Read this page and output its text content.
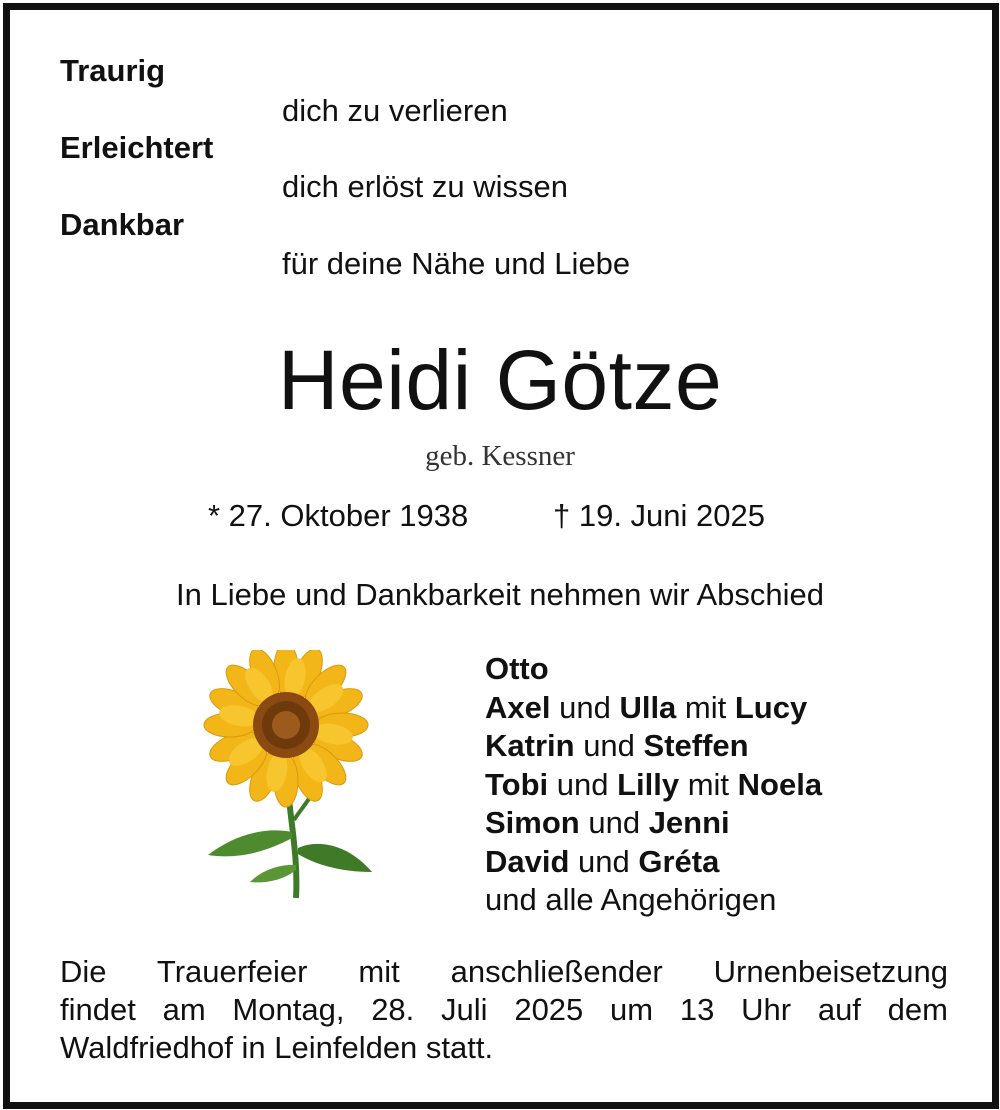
Traurig
dich zu verlieren
Erleichtert
dich erlöst zu wissen
Dankbar
für deine Nähe und Liebe
Heidi Götze
geb. Kessner
* 27. Oktober 1938	† 19. Juni 2025
In Liebe und Dankbarkeit nehmen wir Abschied
Otto
Axel und Ulla mit Lucy
Katrin und Steffen
Tobi und Lilly mit Noela
Simon und Jenni
David und Gréta
und alle Angehörigen
Die Trauerfeier mit anschließender Urnenbeisetzung
findet am Montag, 28. Juli 2025 um 13 Uhr auf dem
Waldfriedhof in Leinfelden statt.
